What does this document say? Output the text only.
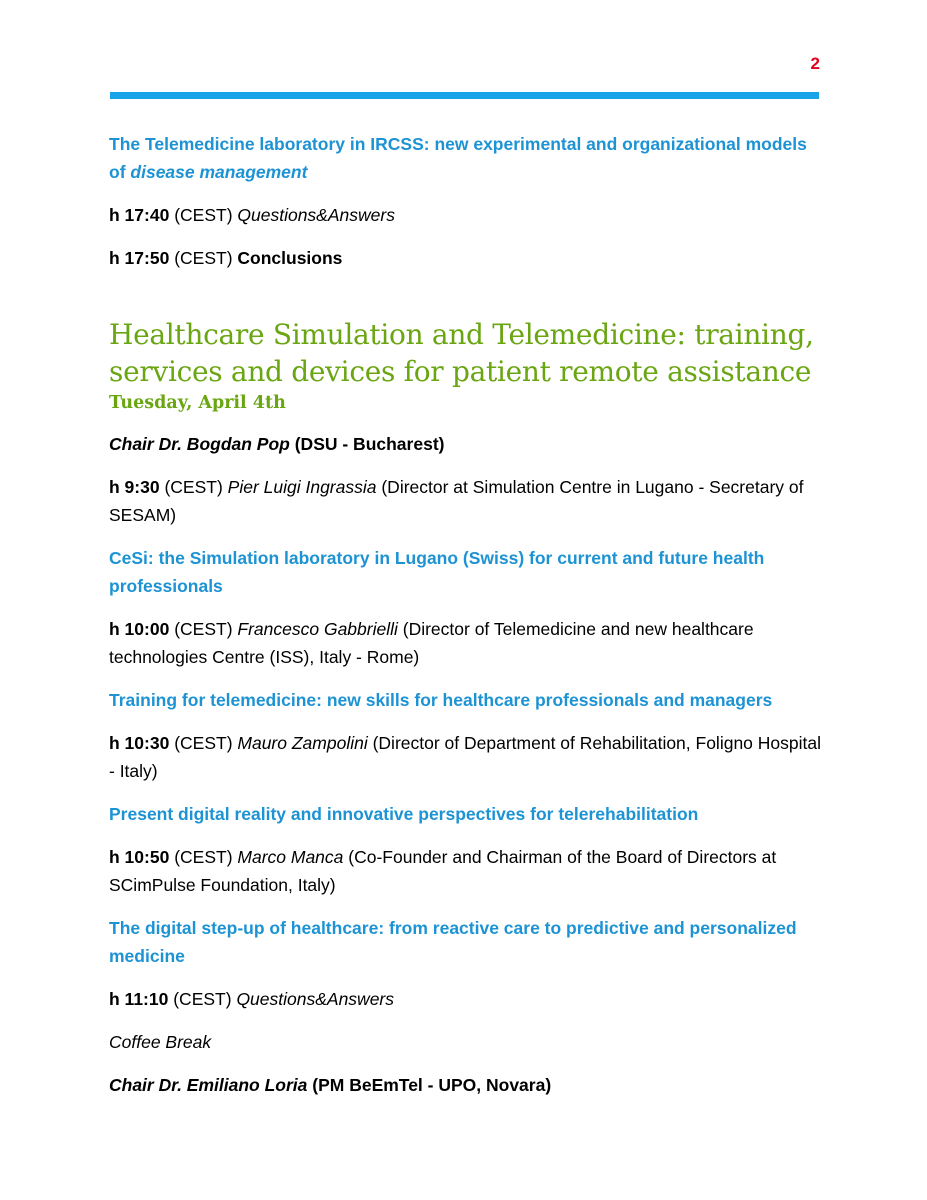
2

The Telemedicine laboratory in IRCSS: new experimental and organizational models of disease management

h 17:40 (CEST) Questions&Answers

h 17:50 (CEST) Conclusions

Healthcare Simulation and Telemedicine: training, services and devices for patient remote assistance
Tuesday, April 4th

Chair Dr. Bogdan Pop (DSU - Bucharest)

h 9:30 (CEST) Pier Luigi Ingrassia (Director at Simulation Centre in Lugano - Secretary of SESAM)

CeSi: the Simulation laboratory in Lugano (Swiss) for current and future health professionals

h 10:00 (CEST) Francesco Gabbrielli (Director of Telemedicine and new healthcare technologies Centre (ISS), Italy - Rome)

Training for telemedicine: new skills for healthcare professionals and managers

h 10:30 (CEST) Mauro Zampolini (Director of Department of Rehabilitation, Foligno Hospital - Italy)

Present digital reality and innovative perspectives for telerehabilitation

h 10:50 (CEST) Marco Manca (Co-Founder and Chairman of the Board of Directors at SCimPulse Foundation, Italy)

The digital step-up of healthcare: from reactive care to predictive and personalized medicine

h 11:10 (CEST) Questions&Answers

Coffee Break

Chair Dr. Emiliano Loria (PM BeEmTel - UPO, Novara)
